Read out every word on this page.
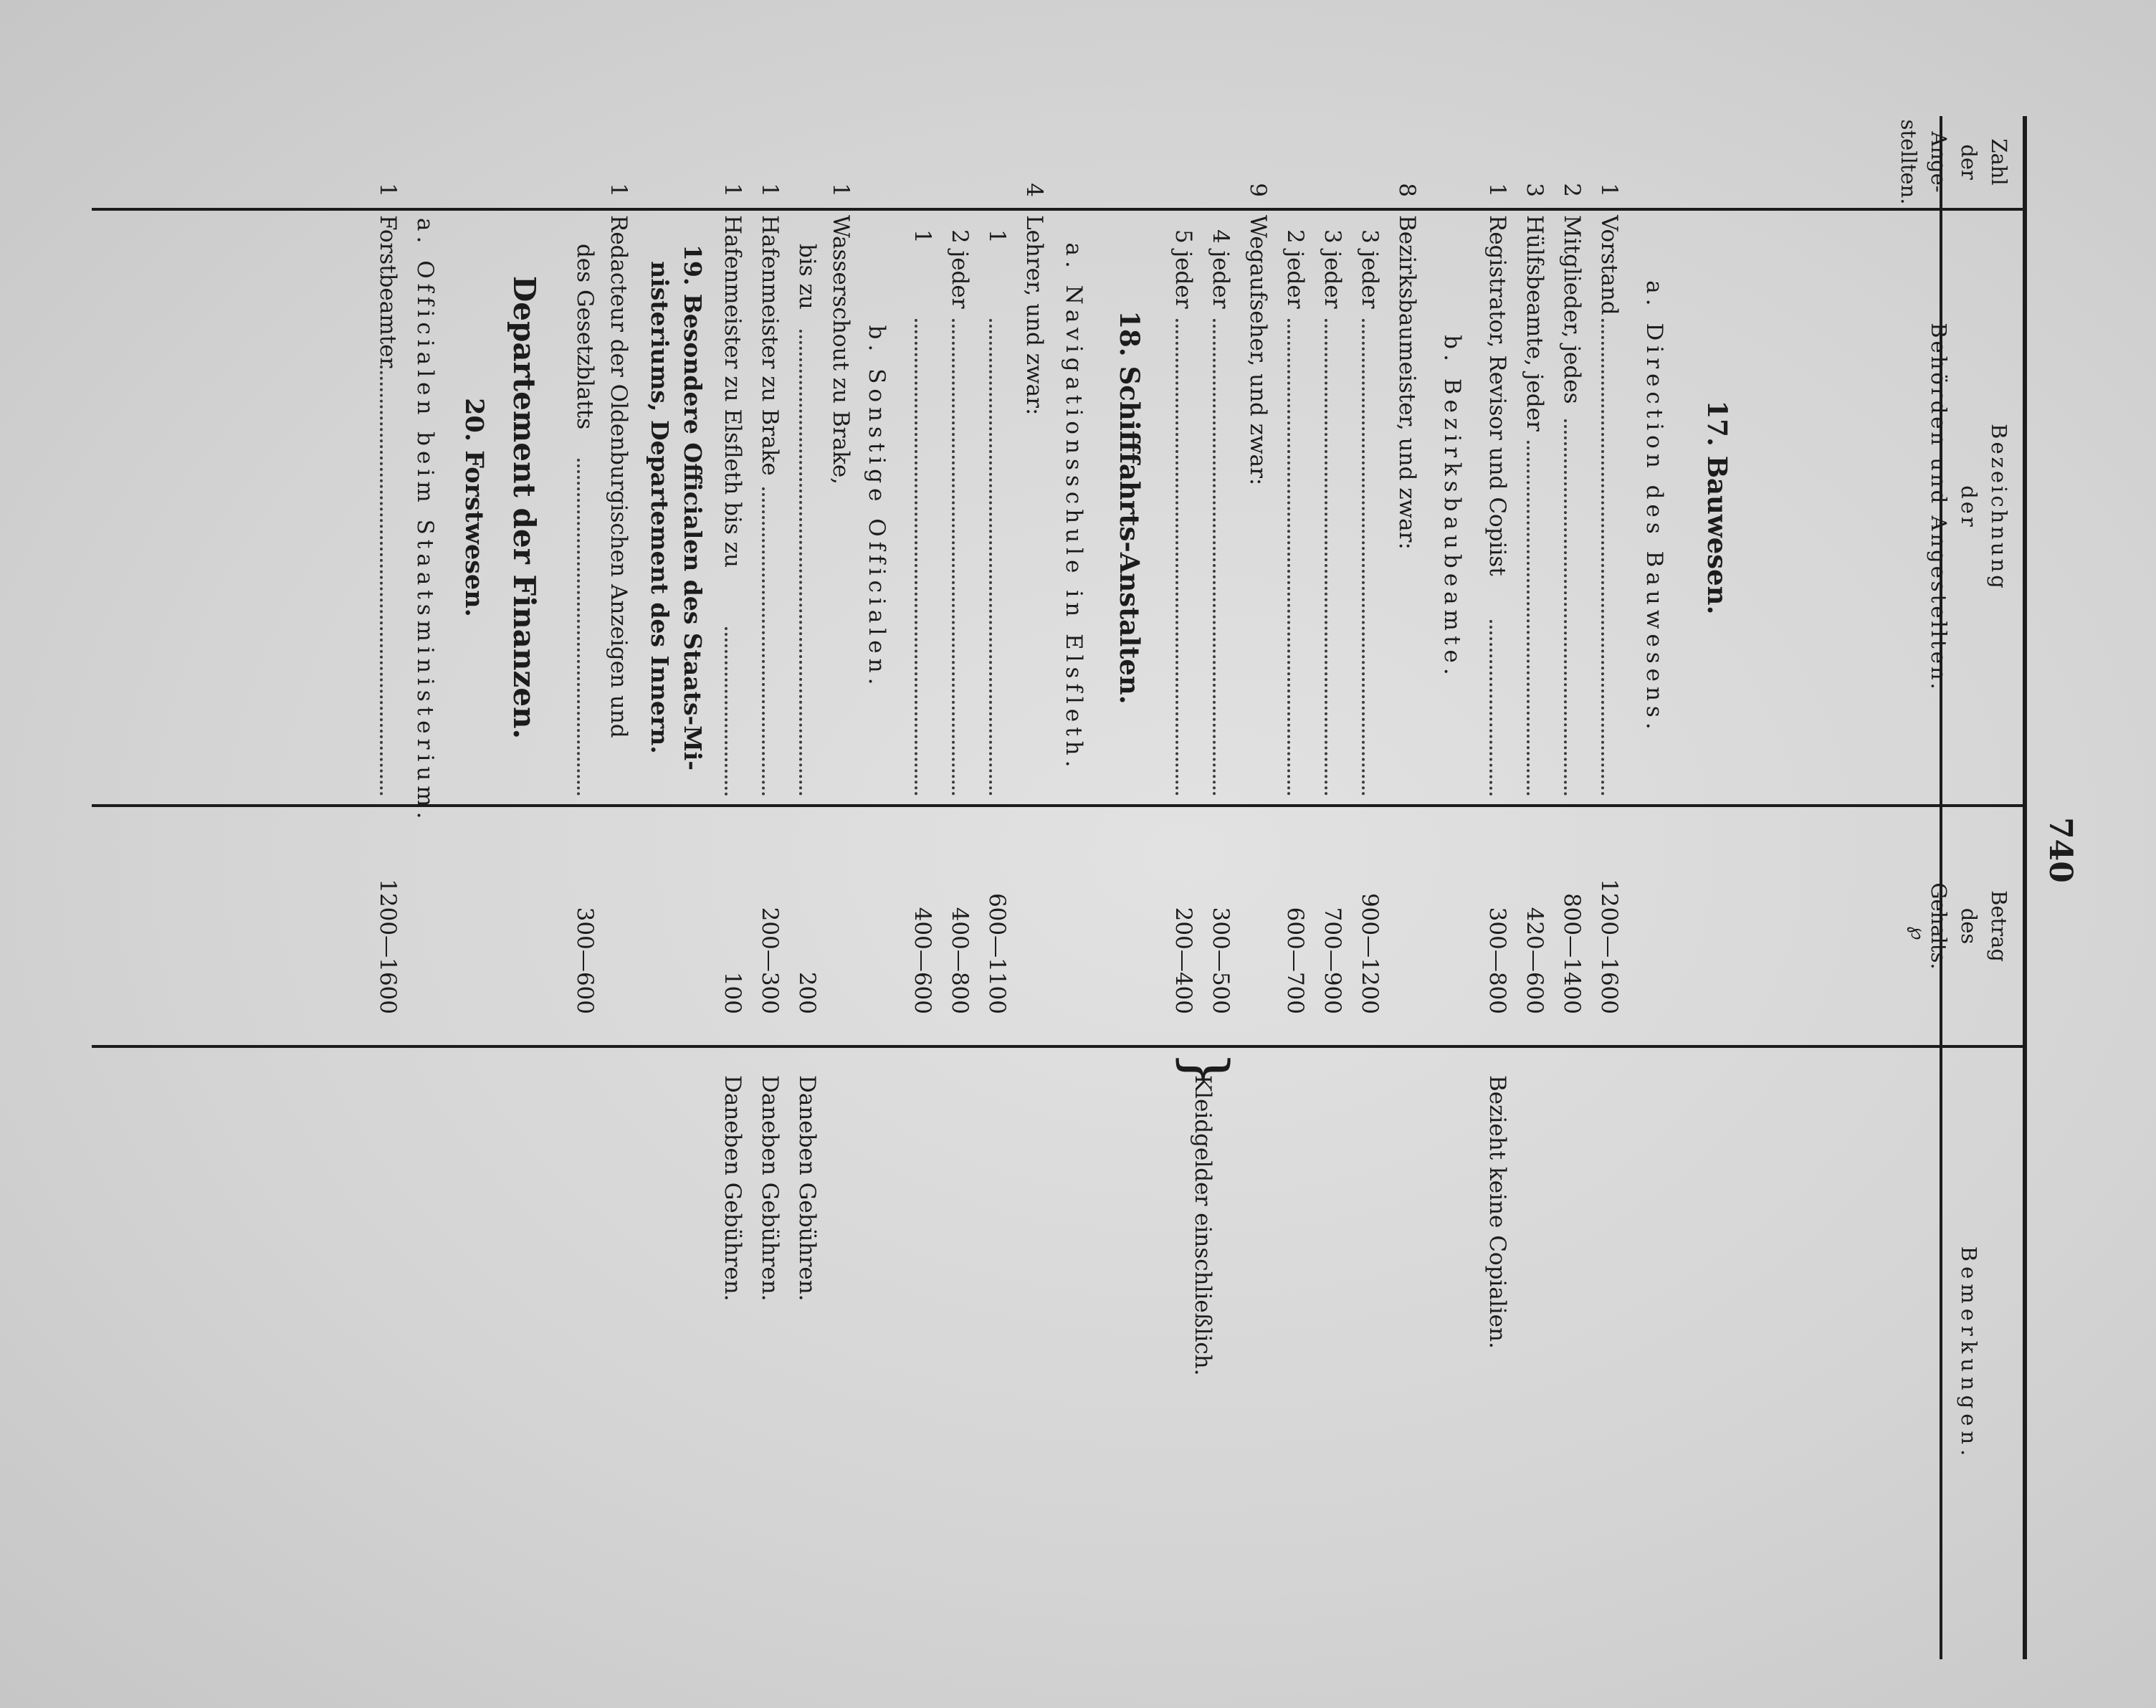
740
Zahl
der
Ange-
stellten.
Bezeichnung
der
Behörden und Angestellten.
Betrag
des
Gehalts.
℘
Bemerkungen.
17. Bauwesen.
a. Direction des Bauwesens.
1
Vorstand
1200—1600
2
Mitglieder, jedes
800—1400
3
Hülfsbeamte, jeder
420—600
1
Registrator, Revisor und Copiist
300—800
Bezieht keine Copialien.
b. Bezirksbaubeamte.
8
Bezirksbaumeister, und zwar:
3 jeder
900—1200
3 jeder
700—900
2 jeder
600—700
9
Wegaufseher, und zwar:
4 jeder
300—500
5 jeder
200—400
}
Kleidgelder einschließlich.
18. Schifffahrts-Anstalten.
a. Navigationsschule in Elsfleth.
4
Lehrer, und zwar:
1
600—1100
2 jeder
400—800
1
400—600
b. Sonstige Officialen.
1
Wasserschout zu Brake,
bis zu
200
Daneben Gebühren.
1
Hafenmeister zu Brake
200—300
Daneben Gebühren.
1
Hafenmeister zu Elsfleth bis zu
100
Daneben Gebühren.
19. Besondere Officialen des Staats-Mi-
nisteriums, Departement des Innern.
1
Redacteur der Oldenburgischen Anzeigen und
des Gesetzblatts
300—600
Departement der Finanzen.
20. Forstwesen.
a. Officialen beim Staatsministerium.
1
Forstbeamter
1200—1600
